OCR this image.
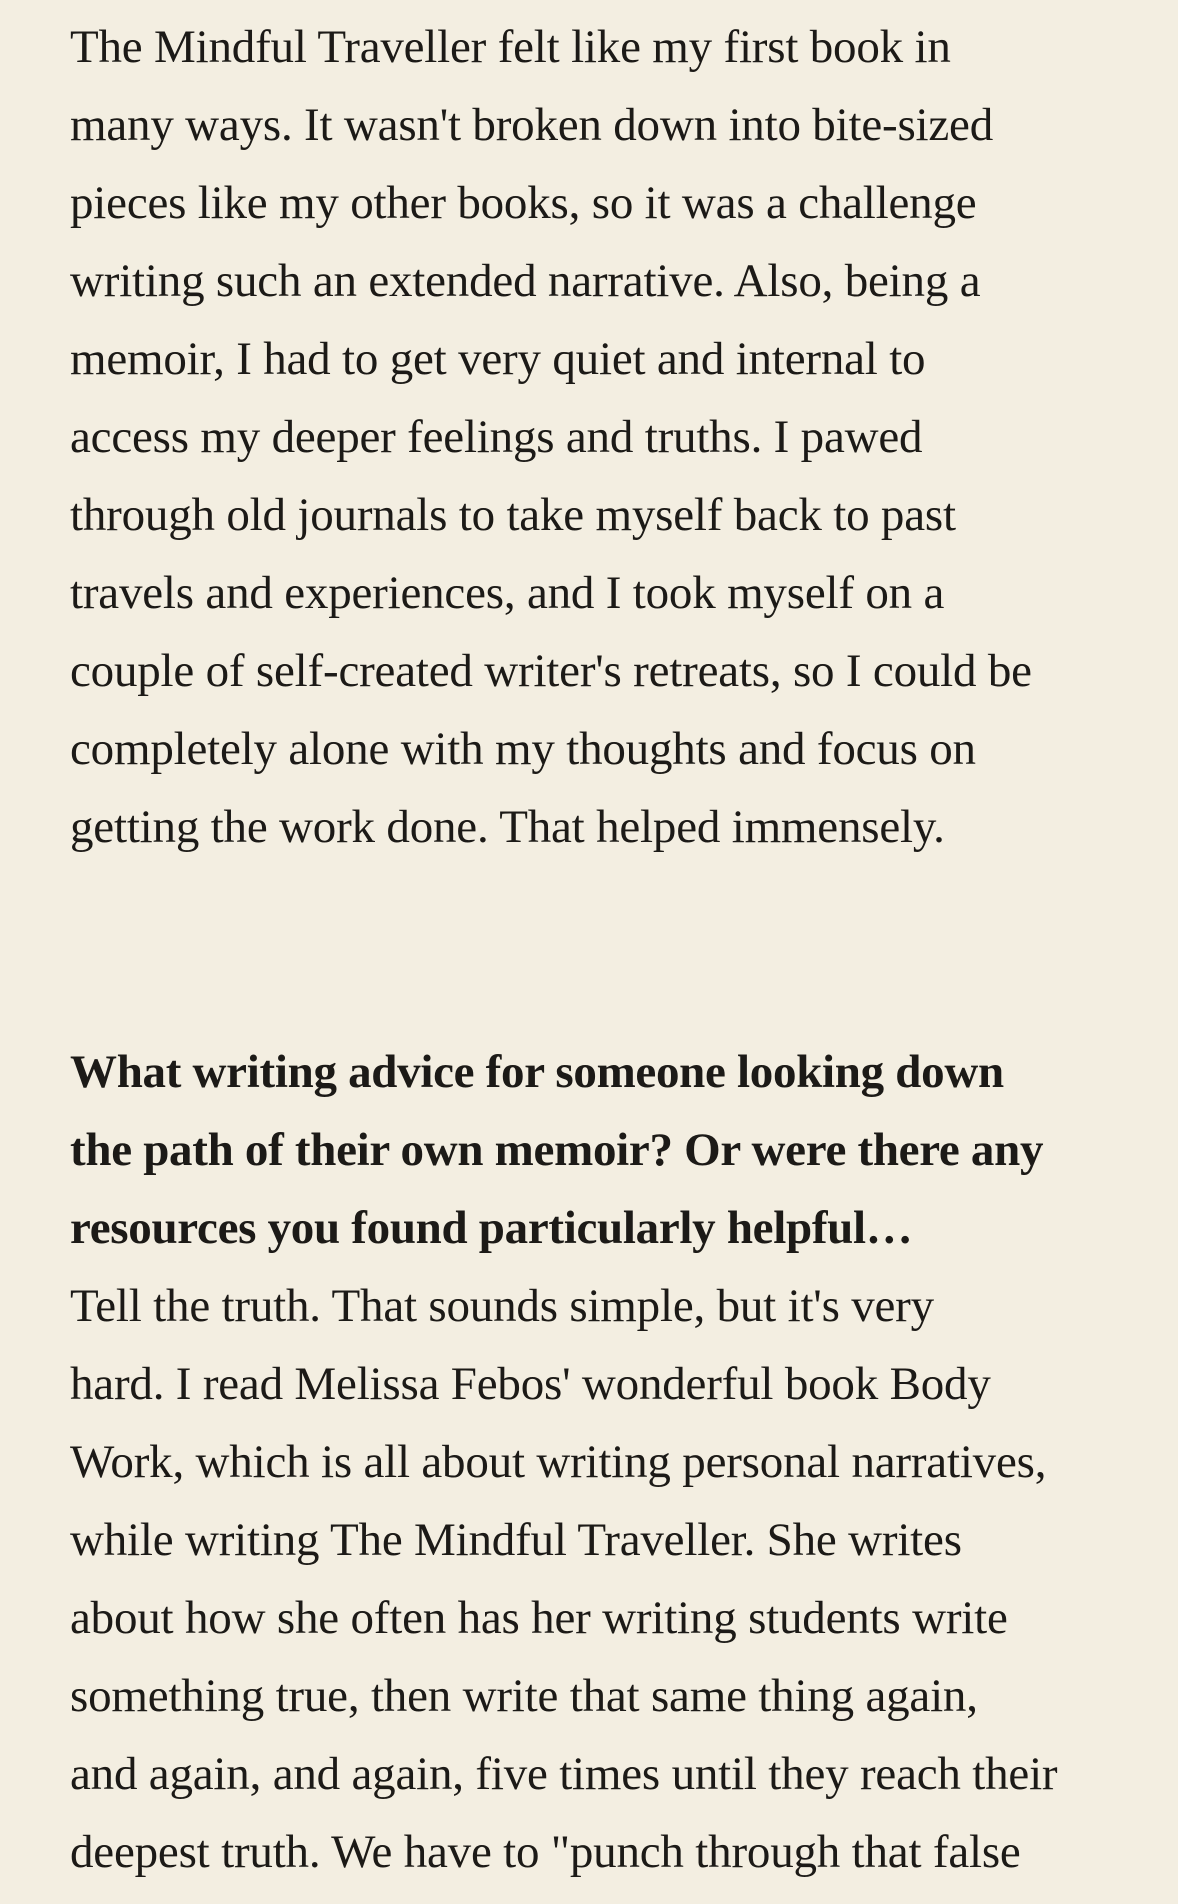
The Mindful Traveller felt like my first book in
many ways. It wasn't broken down into bite-sized
pieces like my other books, so it was a challenge
writing such an extended narrative. Also, being a
memoir, I had to get very quiet and internal to
access my deeper feelings and truths. I pawed
through old journals to take myself back to past
travels and experiences, and I took myself on a
couple of self-created writer's retreats, so I could be
completely alone with my thoughts and focus on
getting the work done. That helped immensely.

What writing advice for someone looking down
the path of their own memoir? Or were there any
resources you found particularly helpful…

Tell the truth. That sounds simple, but it's very
hard. I read Melissa Febos' wonderful book Body
Work, which is all about writing personal narratives,
while writing The Mindful Traveller. She writes
about how she often has her writing students write
something true, then write that same thing again,
and again, and again, five times until they reach their
deepest truth. We have to "punch through that false
